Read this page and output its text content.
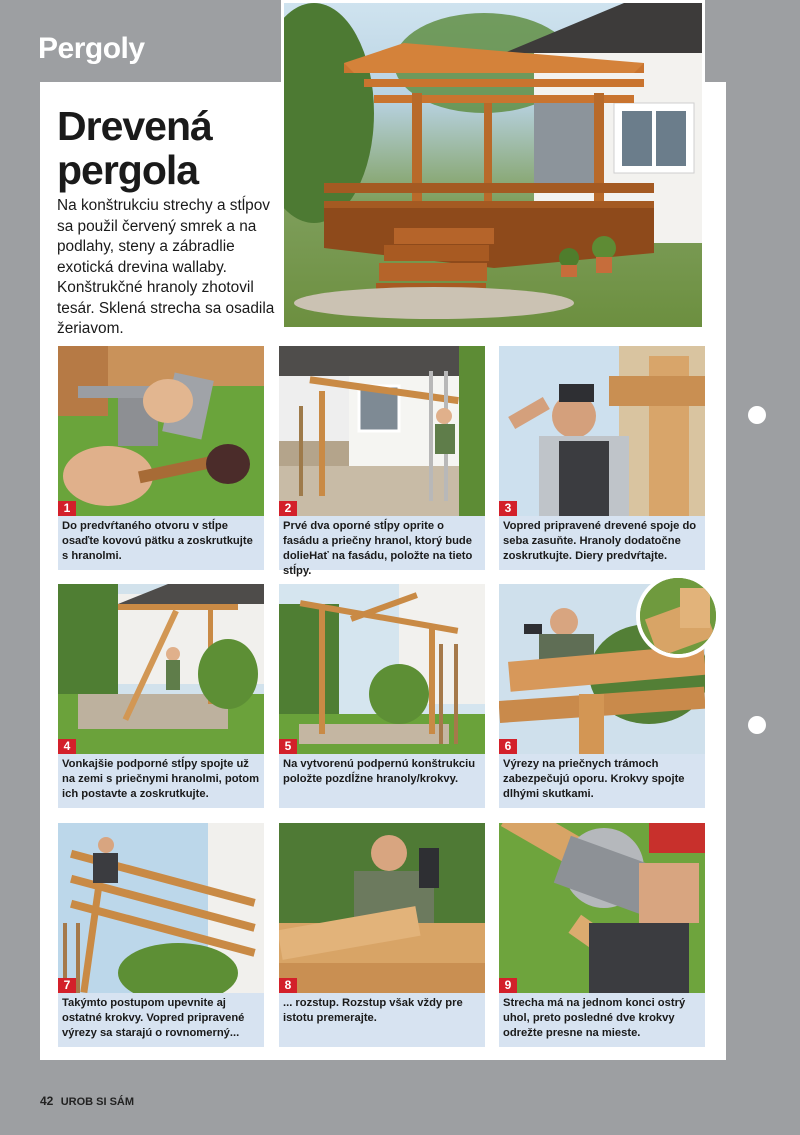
Pergoly
Drevená
pergola
Na konštrukciu strechy a stĺpov sa použil červený smrek a na podlahy, steny a zábradlie exotická drevina wallaby. Konštrukčné hranoly zhotovil tesár. Sklená strecha sa osadila žeriavom.
1
Do predvŕtaného otvoru v stĺpe osaďte kovovú pätku a zoskrutkujte s hranolmi.
2
Prvé dva oporné stĺpy oprite o fasádu a priečny hranol, ktorý bude dolieHať na fasádu, položte na tieto stĺpy.
3
Vopred pripravené drevené spoje do seba zasuňte. Hranoly dodatočne zoskrutkujte. Diery predvŕtajte.
4
Vonkajšie podporné stĺpy spojte už na zemi s priečnymi hranolmi, potom ich postavte a zoskrutkujte.
5
Na vytvorenú podpernú konštrukciu položte pozdĺžne hranoly/krokvy.
6
Výrezy na priečnych trámoch zabezpečujú oporu. Krokvy spojte dlhými skutkami.
7
Takýmto postupom upevnite aj ostatné krokvy. Vopred pripravené výrezy sa starajú o rovnomerný...
8
... rozstup. Rozstup však vždy pre istotu premerajte.
9
Strecha má na jednom konci ostrý uhol, preto posledné dve krokvy odrežte presne na mieste.
42 UROB SI SÁM
